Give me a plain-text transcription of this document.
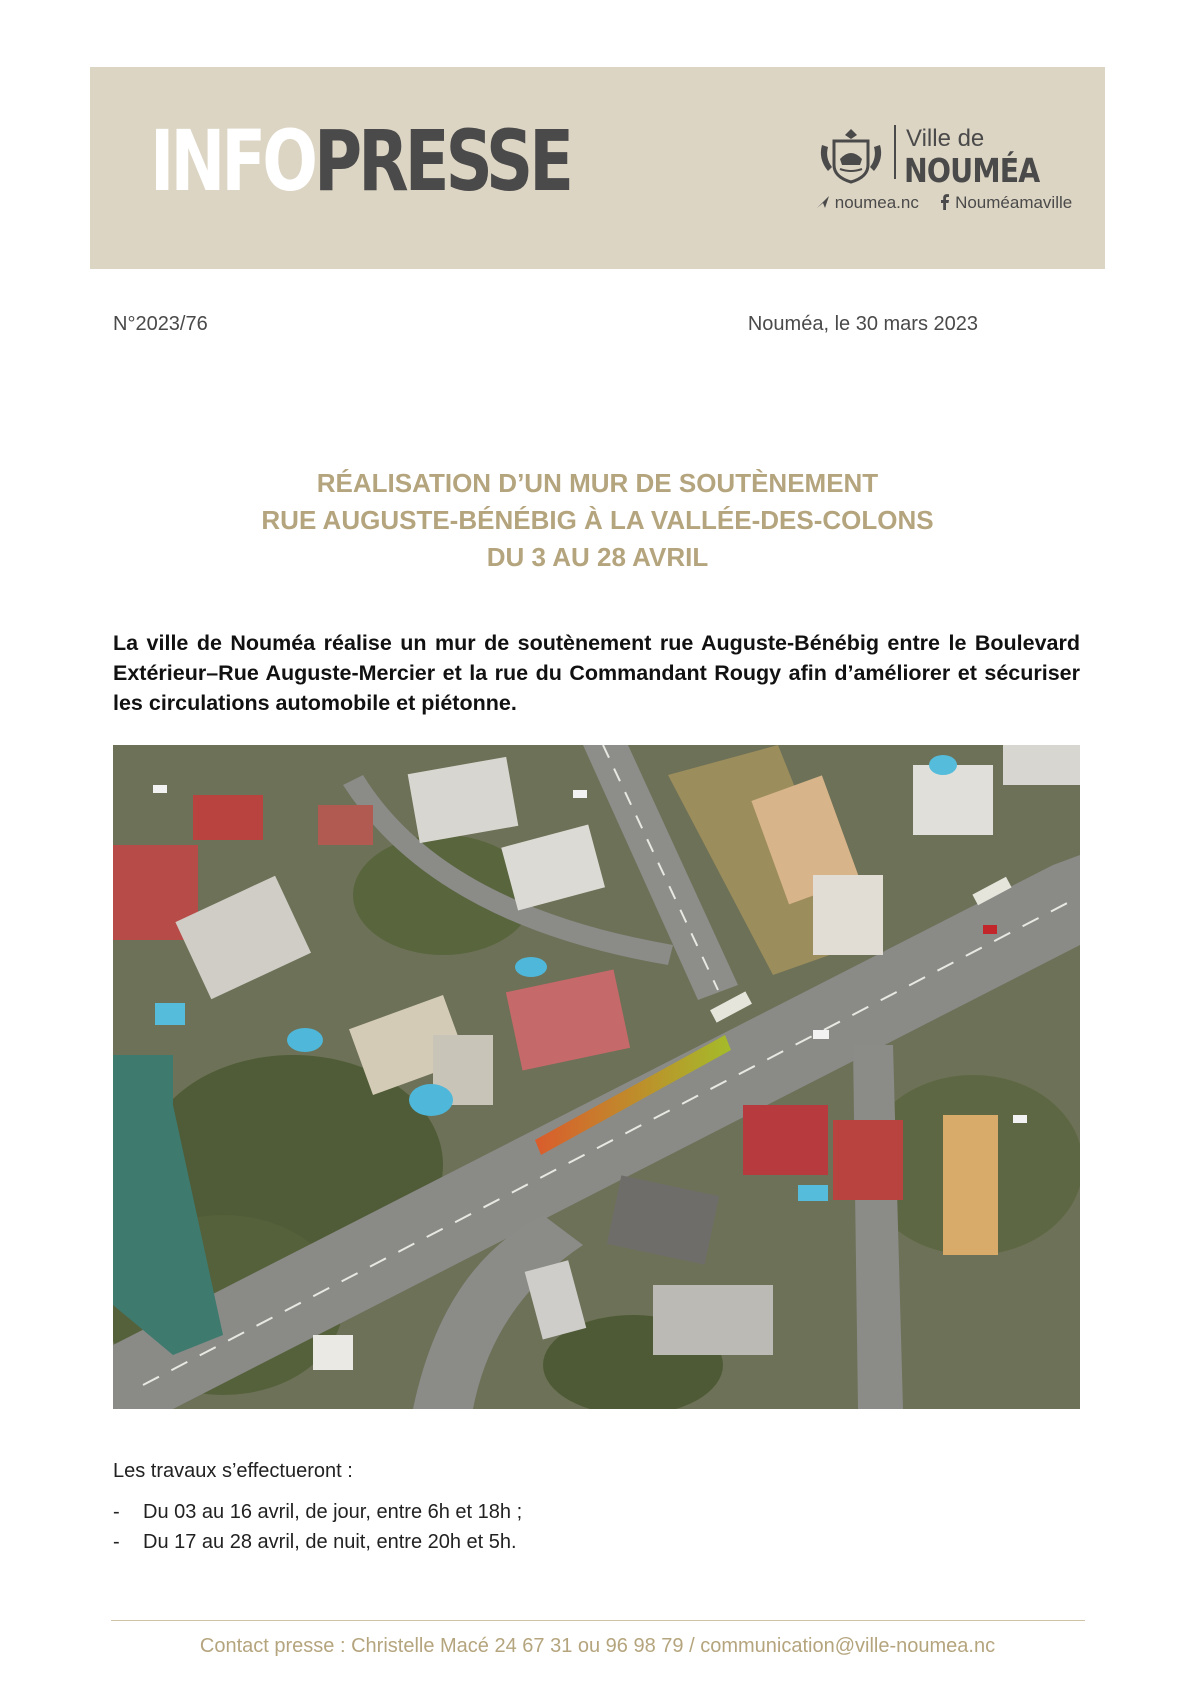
INFOPRESSE	Ville de
NOUMÉA
noumea.nc Nouméamaville
N°2023/76	Nouméa, le 30 mars 2023
RÉALISATION D’UN MUR DE SOUTÈNEMENT
RUE AUGUSTE-BÉNÉBIG À LA VALLÉE-DES-COLONS
DU 3 AU 28 AVRIL
La ville de Nouméa réalise un mur de soutènement rue Auguste-Bénébig entre le Boulevard Extérieur–Rue Auguste-Mercier et la rue du Commandant Rougy afin d’améliorer et sécuriser les circulations automobile et piétonne.
Les travaux s’effectueront :
- Du 03 au 16 avril, de jour, entre 6h et 18h ;
- Du 17 au 28 avril, de nuit, entre 20h et 5h.
Contact presse : Christelle Macé 24 67 31 ou 96 98 79 / communication@ville-noumea.nc
